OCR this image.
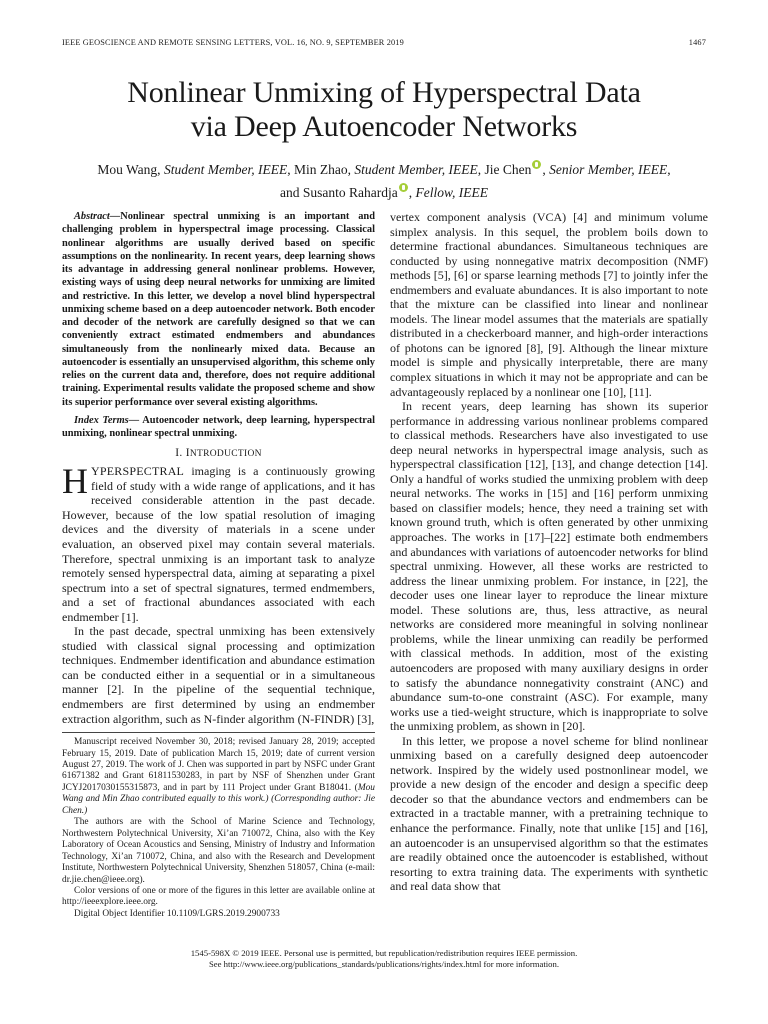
IEEE GEOSCIENCE AND REMOTE SENSING LETTERS, VOL. 16, NO. 9, SEPTEMBER 2019	1467
Nonlinear Unmixing of Hyperspectral Data
via Deep Autoencoder Networks
Mou Wang, Student Member, IEEE, Min Zhao, Student Member, IEEE, Jie Chen , Senior Member, IEEE,
and Susanto Rahardja , Fellow, IEEE

Abstract—Nonlinear spectral unmixing is an important and challenging problem in hyperspectral image processing. Classical nonlinear algorithms are usually derived based on specific assumptions on the nonlinearity. In recent years, deep learning shows its advantage in addressing general nonlinear problems. However, existing ways of using deep neural networks for unmixing are limited and restrictive. In this letter, we develop a novel blind hyperspectral unmixing scheme based on a deep autoencoder network. Both encoder and decoder of the network are carefully designed so that we can conveniently extract estimated endmembers and abundances simultaneously from the nonlinearly mixed data. Because an autoencoder is essentially an unsupervised algorithm, this scheme only relies on the current data and, therefore, does not require additional training. Experimental results validate the proposed scheme and show its superior performance over several existing algorithms.

Index Terms— Autoencoder network, deep learning, hyperspectral unmixing, nonlinear spectral unmixing.

I. INTRODUCTION

HYPERSPECTRAL imaging is a continuously growing field of study with a wide range of applications, and it has received considerable attention in the past decade. However, because of the low spatial resolution of imaging devices and the diversity of materials in a scene under evaluation, an observed pixel may contain several materials. Therefore, spectral unmixing is an important task to analyze remotely sensed hyperspectral data, aiming at separating a pixel spectrum into a set of spectral signatures, termed endmembers, and a set of fractional abundances associated with each endmember [1].

In the past decade, spectral unmixing has been extensively studied with classical signal processing and optimization techniques. Endmember identification and abundance estimation can be conducted either in a sequential or in a simultaneous manner [2]. In the pipeline of the sequential technique, endmembers are first determined by using an endmember extraction algorithm, such as N-finder algorithm (N-FINDR) [3],

Manuscript received November 30, 2018; revised January 28, 2019; accepted February 15, 2019. Date of publication March 15, 2019; date of current version August 27, 2019. The work of J. Chen was supported in part by NSFC under Grant 61671382 and Grant 61811530283, in part by NSF of Shenzhen under Grant JCYJ2017030155315873, and in part by 111 Project under Grant B18041. (Mou Wang and Min Zhao contributed equally to this work.) (Corresponding author: Jie Chen.)

The authors are with the School of Marine Science and Technology, Northwestern Polytechnical University, Xi’an 710072, China, also with the Key Laboratory of Ocean Acoustics and Sensing, Ministry of Industry and Information Technology, Xi’an 710072, China, and also with the Research and Development Institute, Northwestern Polytechnical University, Shenzhen 518057, China (e-mail: dr.jie.chen@ieee.org).

Color versions of one or more of the figures in this letter are available online at http://ieeexplore.ieee.org.

Digital Object Identifier 10.1109/LGRS.2019.2900733

vertex component analysis (VCA) [4] and minimum volume simplex analysis. In this sequel, the problem boils down to determine fractional abundances. Simultaneous techniques are conducted by using nonnegative matrix decomposition (NMF) methods [5], [6] or sparse learning methods [7] to jointly infer the endmembers and evaluate abundances. It is also important to note that the mixture can be classified into linear and nonlinear models. The linear model assumes that the materials are spatially distributed in a checkerboard manner, and high-order interactions of photons can be ignored [8], [9]. Although the linear mixture model is simple and physically interpretable, there are many complex situations in which it may not be appropriate and can be advantageously replaced by a nonlinear one [10], [11].

In recent years, deep learning has shown its superior performance in addressing various nonlinear problems compared to classical methods. Researchers have also investigated to use deep neural networks in hyperspectral image analysis, such as hyperspectral classification [12], [13], and change detection [14]. Only a handful of works studied the unmixing problem with deep neural networks. The works in [15] and [16] perform unmixing based on classifier models; hence, they need a training set with known ground truth, which is often generated by other unmixing approaches. The works in [17]–[22] estimate both endmembers and abundances with variations of autoencoder networks for blind spectral unmixing. However, all these works are restricted to address the linear unmixing problem. For instance, in [22], the decoder uses one linear layer to reproduce the linear mixture model. These solutions are, thus, less attractive, as neural networks are considered more meaningful in solving nonlinear problems, while the linear unmixing can readily be performed with classical methods. In addition, most of the existing autoencoders are proposed with many auxiliary designs in order to satisfy the abundance nonnegativity constraint (ANC) and abundance sum-to-one constraint (ASC). For example, many works use a tied-weight structure, which is inappropriate to solve the unmixing problem, as shown in [20].

In this letter, we propose a novel scheme for blind nonlinear unmixing based on a carefully designed deep autoencoder network. Inspired by the widely used postnonlinear model, we provide a new design of the encoder and design a specific deep decoder so that the abundance vectors and endmembers can be extracted in a tractable manner, with a pretraining technique to enhance the performance. Finally, note that unlike [15] and [16], an autoencoder is an unsupervised algorithm so that the estimates are readily obtained once the autoencoder is established, without resorting to extra training data. The experiments with synthetic and real data show that

1545-598X © 2019 IEEE. Personal use is permitted, but republication/redistribution requires IEEE permission.
See http://www.ieee.org/publications_standards/publications/rights/index.html for more information.
